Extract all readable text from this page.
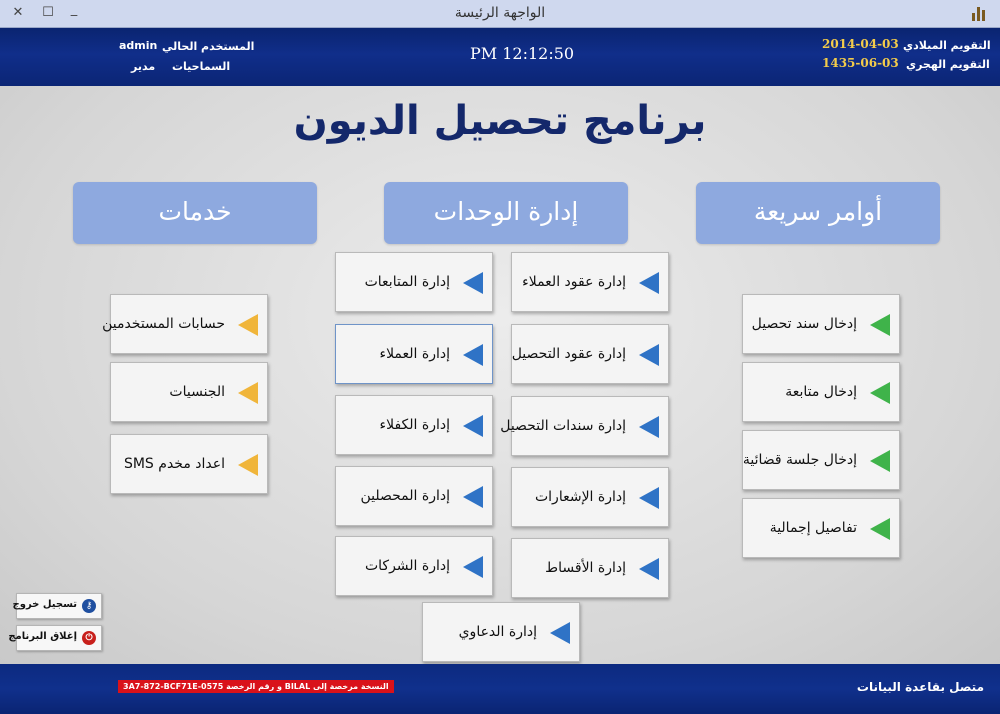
✕ ☐	_	الواجهة الرئيسة
المستخدم الحالي
admin
السماحيات
مدير
PM 12:12:50	2014-04-03 التقويم الميلادي
1435-06-03 التقويم الهجري
برنامج تحصيل الديون
أوامر سريعة
إدارة الوحدات
خدمات
إدخال سند تحصيل
إدخال متابعة
إدخال جلسة قضائية
تفاصيل إجمالية
إدارة عقود العملاء
إدارة عقود التحصيل
إدارة سندات التحصيل
إدارة الإشعارات
إدارة الأقساط
إدارة المتابعات
إدارة العملاء
إدارة الكفلاء
إدارة المحصلين
إدارة الشركات
إدارة الدعاوي
حسابات المستخدمين
الجنسيات
اعداد مخدم SMS
⚷
تسجيل خروج
⏻
إغلاق البرنامج
النسخة مرخصة إلى BILAL و رقم الرخصة 3A7-872-BCF71E-0575	متصل بقاعدة البيانات
